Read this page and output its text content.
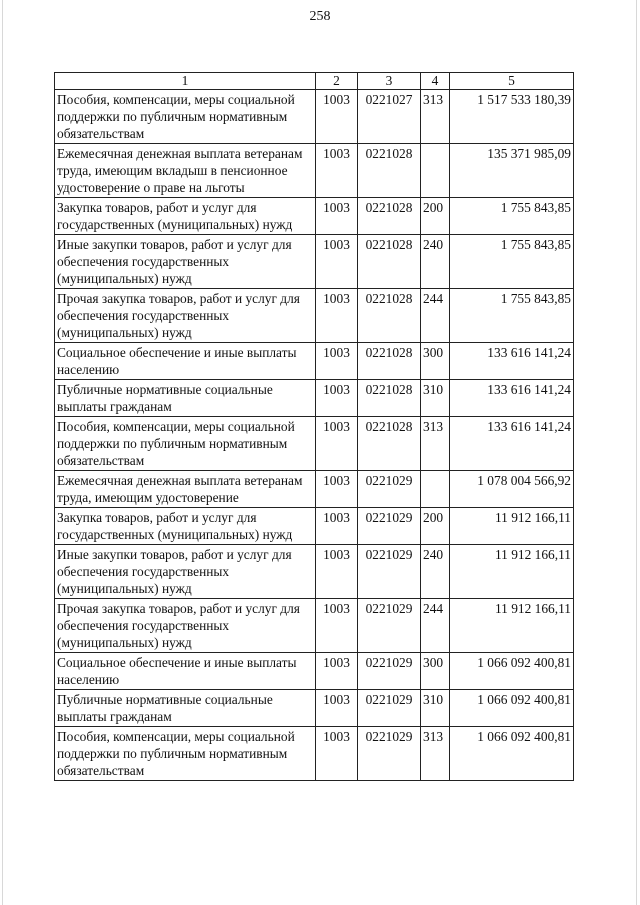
258
1	2	3	4	5
Пособия, компенсации, меры социальной поддержки по публичным нормативным обязательствам	1003	0221027	313	1 517 533 180,39
Ежемесячная денежная выплата ветеранам труда, имеющим вкладыш в пенсионное удостоверение о праве на льготы	1003	0221028		135 371 985,09
Закупка товаров, работ и услуг для государственных (муниципальных) нужд	1003	0221028	200	1 755 843,85
Иные закупки товаров, работ и услуг для обеспечения государственных (муниципальных) нужд	1003	0221028	240	1 755 843,85
Прочая закупка товаров, работ и услуг для обеспечения государственных (муниципальных) нужд	1003	0221028	244	1 755 843,85
Социальное обеспечение и иные выплаты населению	1003	0221028	300	133 616 141,24
Публичные нормативные социальные выплаты гражданам	1003	0221028	310	133 616 141,24
Пособия, компенсации, меры социальной поддержки по публичным нормативным обязательствам	1003	0221028	313	133 616 141,24
Ежемесячная денежная выплата ветеранам труда, имеющим удостоверение	1003	0221029		1 078 004 566,92
Закупка товаров, работ и услуг для государственных (муниципальных) нужд	1003	0221029	200	11 912 166,11
Иные закупки товаров, работ и услуг для обеспечения государственных (муниципальных) нужд	1003	0221029	240	11 912 166,11
Прочая закупка товаров, работ и услуг для обеспечения государственных (муниципальных) нужд	1003	0221029	244	11 912 166,11
Социальное обеспечение и иные выплаты населению	1003	0221029	300	1 066 092 400,81
Публичные нормативные социальные выплаты гражданам	1003	0221029	310	1 066 092 400,81
Пособия, компенсации, меры социальной поддержки по публичным нормативным обязательствам	1003	0221029	313	1 066 092 400,81
